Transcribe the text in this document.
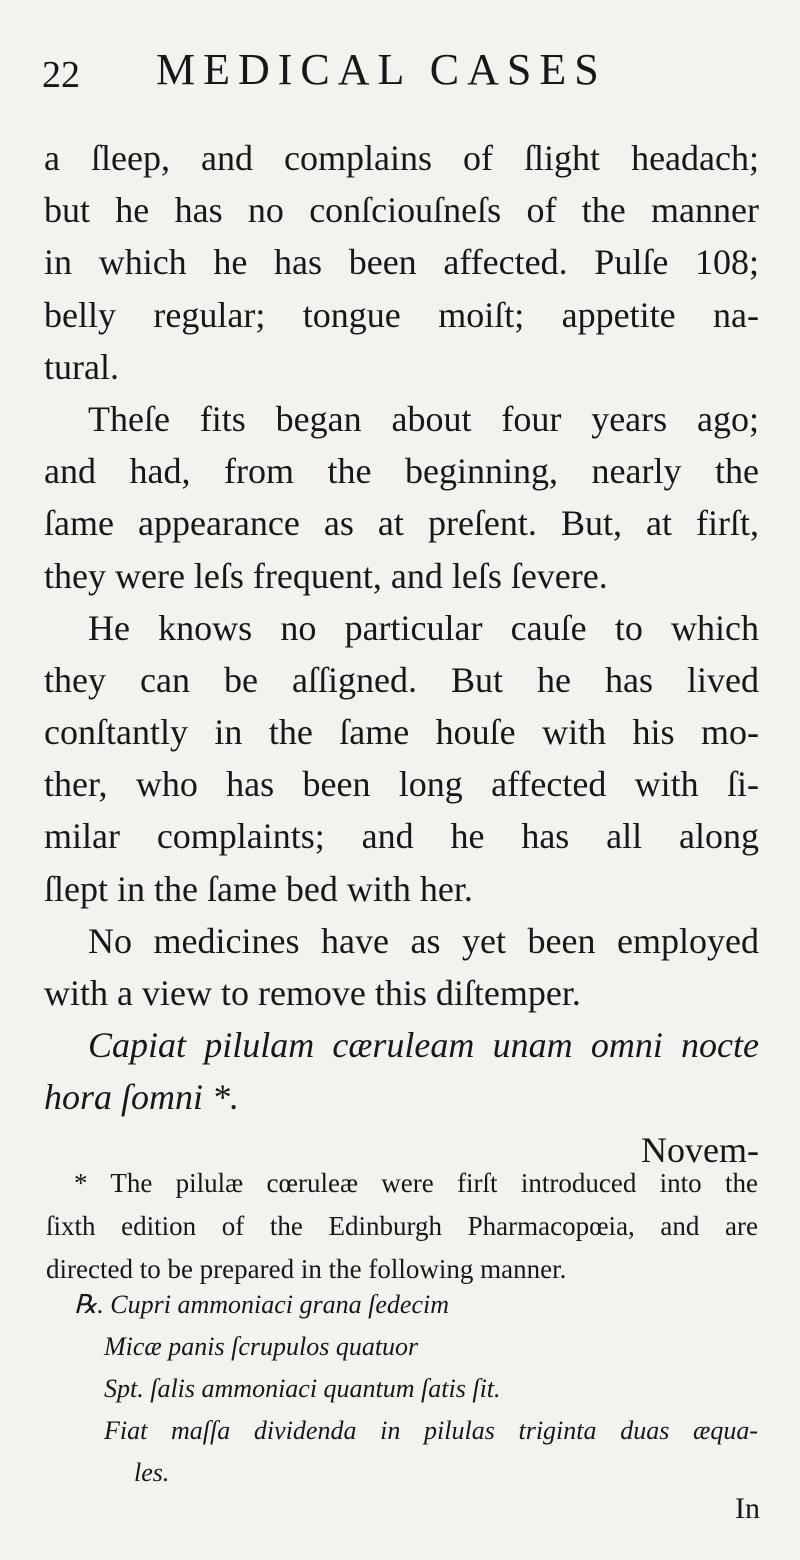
22 MEDICAL CASES
a ſleep, and complains of ſlight headach;
but he has no conſciouſneſs of the manner
in which he has been affected. Pulſe 108;
belly regular; tongue moiſt; appetite na-
tural.
Theſe fits began about four years ago;
and had, from the beginning, nearly the
ſame appearance as at preſent. But, at firſt,
they were leſs frequent, and leſs ſevere.
He knows no particular cauſe to which
they can be aſſigned. But he has lived
conſtantly in the ſame houſe with his mo-
ther, who has been long affected with ſi-
milar complaints; and he has all along
ſlept in the ſame bed with her.
No medicines have as yet been employed
with a view to remove this diſtemper.
Capiat pilulam cæruleam unam omni nocte
hora ſomni *.
Novem-
* The pilulæ cœruleæ were firſt introduced into the
ſixth edition of the Edinburgh Pharmacopœia, and are
directed to be prepared in the following manner.
℞. Cupri ammoniaci grana ſedecim
Micæ panis ſcrupulos quatuor
Spt. ſalis ammoniaci quantum ſatis ſit.
Fiat maſſa dividenda in pilulas triginta duas æqua-
les.
In
